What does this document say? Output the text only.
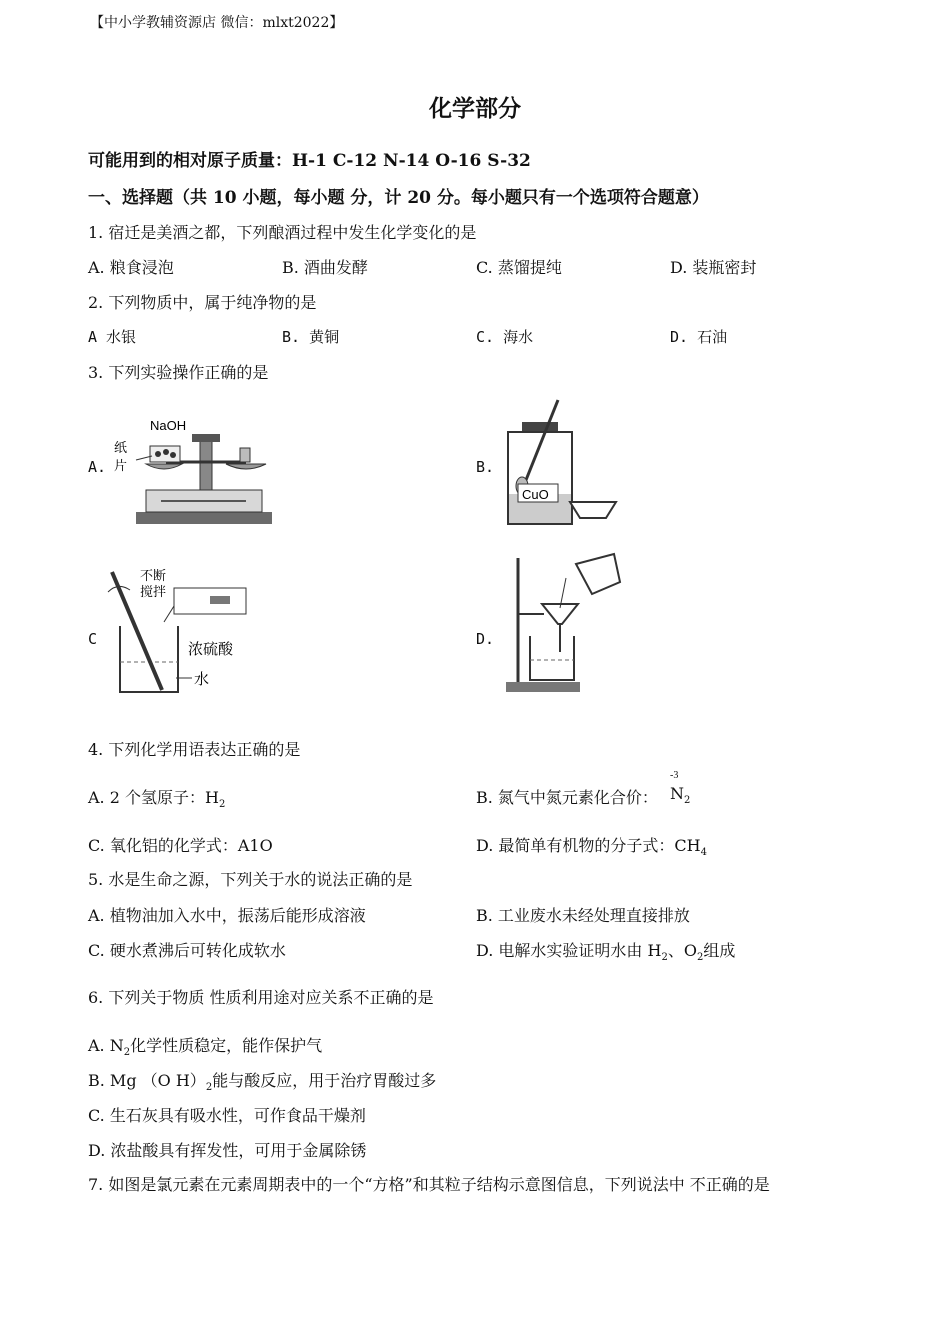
【中小学教辅资源店 微信：mlxt2022】
化学部分
可能用到的相对原子质量：H-1 C-12 N-14 O-16 S-32
一、选择题（共 10 小题，每小题 分，计 20 分。每小题只有一个选项符合题意）
1. 宿迁是美酒之都，下列酿酒过程中发生化学变化的是
A. 粮食浸泡	B. 酒曲发酵	C. 蒸馏提纯	D. 装瓶密封
2. 下列物质中，属于纯净物的是
A 水银	B. 黄铜	C. 海水	D. 石油
3. 下列实验操作正确的是
A.
NaOH
纸
片	B.
CuO
C
不断
搅拌
浓硫酸
水
D.
4. 下列化学用语表达正确的是
A. 2 个氢原子：$H_2$	B. 氮气中氮元素化合价：
-3
$N_2$
C. 氧化铝的化学式：A1O	D. 最简单有机物的分子式：$CH_4$
5. 水是生命之源，下列关于水的说法正确的是
A. 植物油加入水中，振荡后能形成溶液	B. 工业废水未经处理直接排放
C. 硬水煮沸后可转化成软水	D. 电解水实验证明水由 $H_2$、$O_2$组成
6. 下列关于物质 性质利用途对应关系不正确的是
A. $N_2$化学性质稳定，能作保护气
B. Mg （O $H)_2$能与酸反应，用于治疗胃酸过多
C. 生石灰具有吸水性，可作食品干燥剂
D. 浓盐酸具有挥发性，可用于金属除锈
7. 如图是氯元素在元素周期表中的一个“方格”和其粒子结构示意图信息，下列说法中 不正确的是
